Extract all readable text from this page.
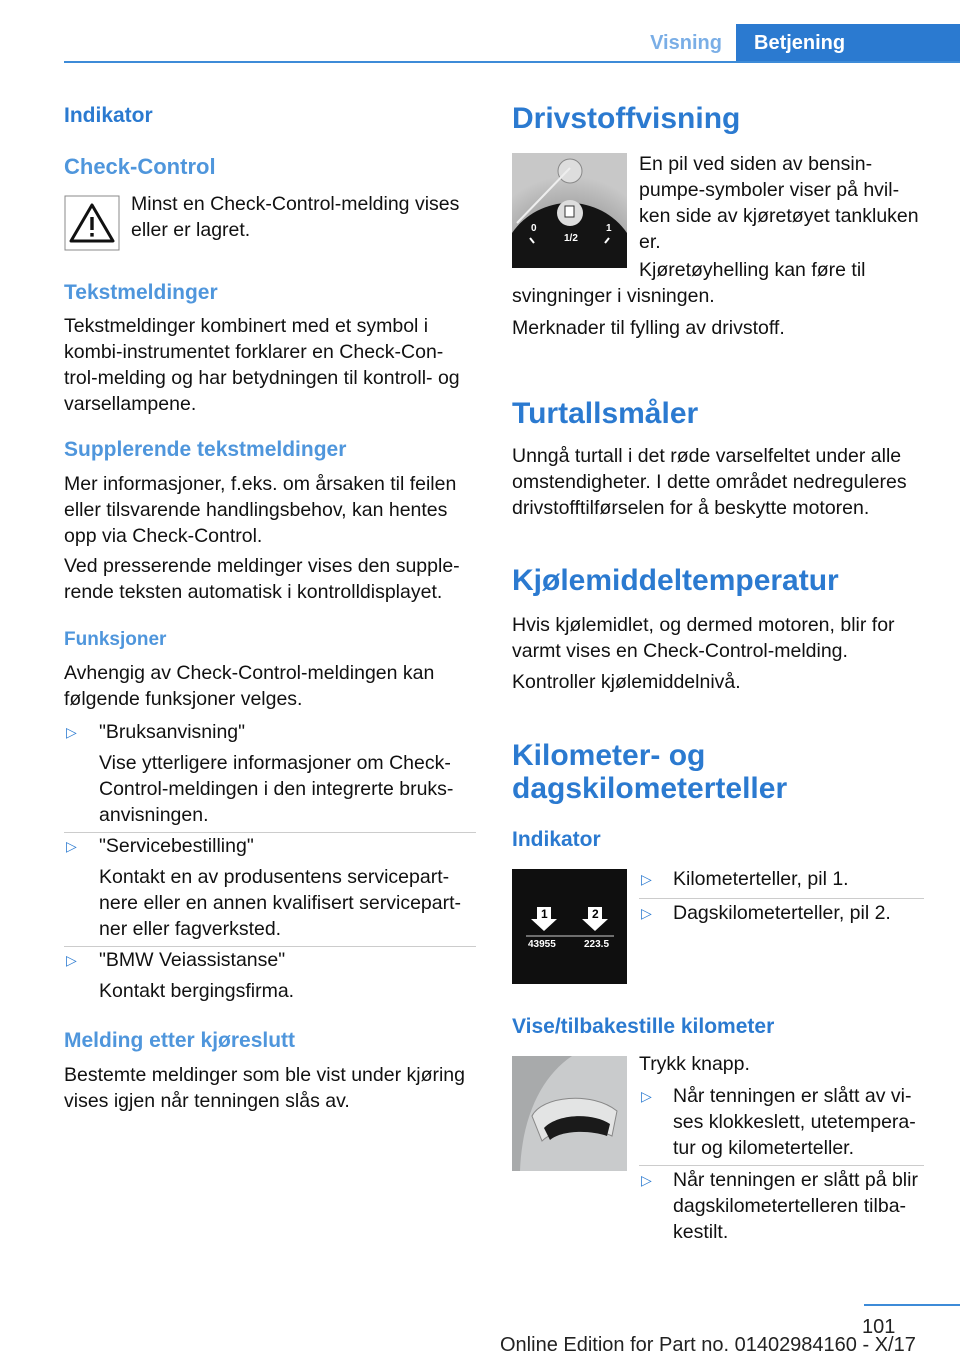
Visning	Betjening
Indikator
Check-Control
Minst en Check-Control-melding vises
eller er lagret.
Tekstmeldinger
Tekstmeldinger kombinert med et symbol i
kombi-instrumentet forklarer en Check-Con-
trol-melding og har betydningen til kontroll- og
varsellampene.
Supplerende tekstmeldinger
Mer informasjoner, f.eks. om årsaken til feilen
eller tilsvarende handlingsbehov, kan hentes
opp via Check-Control.
Ved presserende meldinger vises den supple-
rende teksten automatisk i kontrolldisplayet.
Funksjoner
Avhengig av Check-Control-meldingen kan
følgende funksjoner velges.
▷ "Bruksanvisning"
Vise ytterligere informasjoner om Check-
Control-meldingen i den integrerte bruks-
anvisningen.
▷ "Servicebestilling"
Kontakt en av produsentens servicepart-
nere eller en annen kvalifisert servicepart-
ner eller fagverksted.
▷ "BMW Veiassistanse"
Kontakt bergingsfirma.
Melding etter kjøreslutt
Bestemte meldinger som ble vist under kjøring
vises igjen når tenningen slås av.
Drivstoffvisning
0
1/2
1
En pil ved siden av bensin-
pumpe-symboler viser på hvil-
ken side av kjøretøyet tankluken
er.
Kjøretøyhelling kan føre til
svingninger i visningen.
Merknader til fylling av drivstoff.
Turtallsmåler
Unngå turtall i det røde varselfeltet under alle
omstendigheter. I dette området nedreguleres
drivstofftilførselen for å beskytte motoren.
Kjølemiddeltemperatur
Hvis kjølemidlet, og dermed motoren, blir for
varmt vises en Check-Control-melding.
Kontroller kjølemiddelnivå.
Kilometer- og
dagskilometerteller
Indikator
1	2
43955	223.5
▷ Kilometerteller, pil 1.
▷ Dagskilometerteller, pil 2.
Vise/tilbakestille kilometer
Trykk knapp.
▷ Når tenningen er slått av vi-
ses klokkeslett, utetempera-
tur og kilometerteller.
▷ Når tenningen er slått på blir
dagskilometertelleren tilba-
kestilt.
101
Online Edition for Part no. 01402984160 - X/17
